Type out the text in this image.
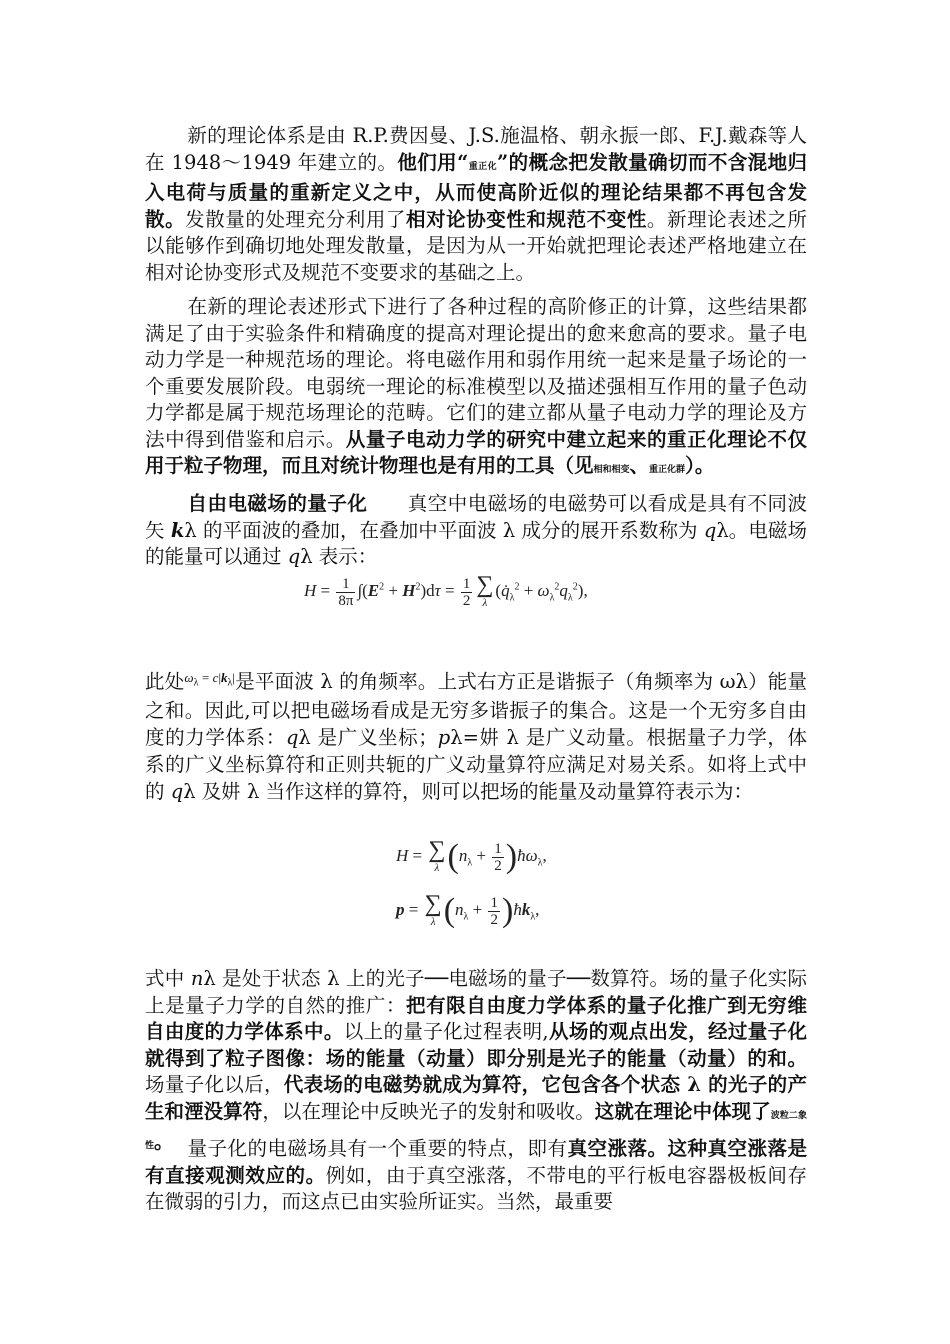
新的理论体系是由 R.P.费因曼、J.S.施温格、朝永振一郎、F.J.戴森等人在 1948～1949 年建立的。他们用“重正化”的概念把发散量确切而不含混地归入电荷与质量的重新定义之中，从而使高阶近似的理论结果都不再包含发散。发散量的处理充分利用了相对论协变性和规范不变性。新理论表述之所以能够作到确切地处理发散量，是因为从一开始就把理论表述严格地建立在相对论协变形式及规范不变要求的基础之上。
在新的理论表述形式下进行了各种过程的高阶修正的计算，这些结果都满足了由于实验条件和精确度的提高对理论提出的愈来愈高的要求。量子电动力学是一种规范场的理论。将电磁作用和弱作用统一起来是量子场论的一个重要发展阶段。电弱统一理论的标准模型以及描述强相互作用的量子色动力学都是属于规范场理论的范畴。它们的建立都从量子电动力学的理论及方法中得到借鉴和启示。从量子电动力学的研究中建立起来的重正化理论不仅用于粒子物理，而且对统计物理也是有用的工具（见相和相变、重正化群）。
自由电磁场的量子化 真空中电磁场的电磁势可以看成是具有不同波矢 kλ 的平面波的叠加，在叠加中平面波 λ 成分的展开系数称为 qλ。电磁场的能量可以通过 qλ 表示：
$H = \frac{1}{8\pi} \int(E^2 + H^2)d\tau = \frac{1}{2}$ ∑
λ
$(q̇_\lambda^2 + \omega_\lambda^2q_\lambda^2)$,
此处$^{\omega_\lambda = c|k_\lambda|}$是平面波 λ 的角频率。上式右方正是谐振子（角频率为 ωλ）能量之和。因此,可以把电磁场看成是无穷多谐振子的集合。这是一个无穷多自由度的力学体系：qλ 是广义坐标；pλ=妌 λ 是广义动量。根据量子力学，体系的广义坐标算符和正则共轭的广义动量算符应满足对易关系。如将上式中的 qλ 及妌 λ 当作这样的算符，则可以把场的能量及动量算符表示为：
H = ∑
λ ($n_\lambda + \frac{1}{2}$ )$ħ\omega_\lambda$,
p = ∑
λ ($n_\lambda + \frac{1}{2}$ )$ħk_\lambda$,
式中 nλ 是处于状态 λ 上的光子──电磁场的量子──数算符。场的量子化实际上是量子力学的自然的推广：把有限自由度力学体系的量子化推广到无穷维自由度的力学体系中。以上的量子化过程表明,从场的观点出发，经过量子化就得到了粒子图像：场的能量（动量）即分别是光子的能量（动量）的和。场量子化以后，代表场的电磁势就成为算符，它包含各个状态 λ 的光子的产生和湮没算符，以在理论中反映光子的发射和吸收。这就在理论中体现了波粒二象性。 量子化的电磁场具有一个重要的特点，即有真空涨落。这种真空涨落是有直接观测效应的。例如，由于真空涨落，不带电的平行板电容器极板间存在微弱的引力，而这点已由实验所证实。当然，最重要
